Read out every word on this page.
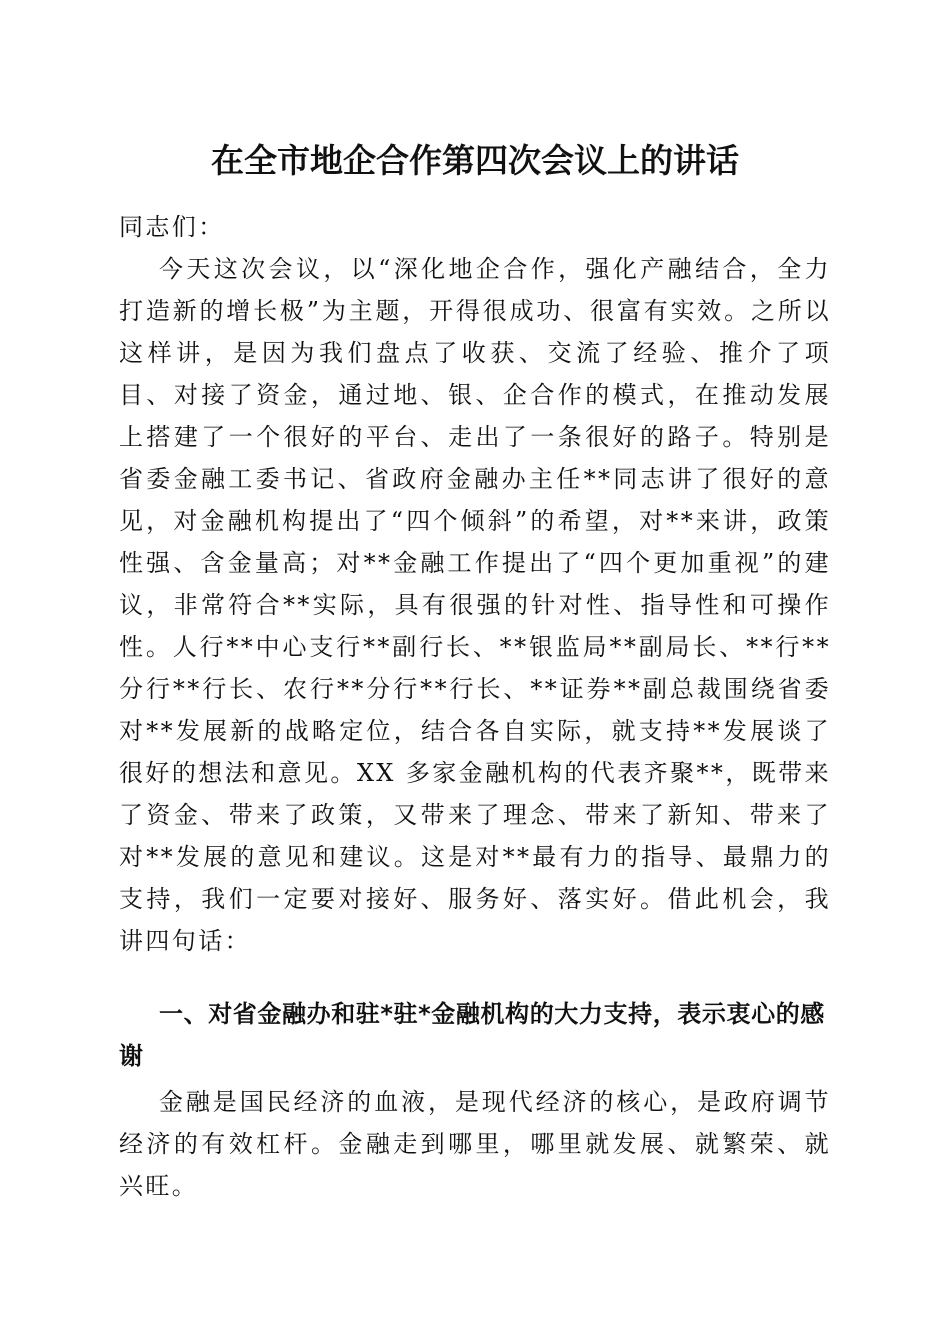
在全市地企合作第四次会议上的讲话

同志们：

今天这次会议，以“深化地企合作，强化产融结合，全力打造新的增长极”为主题，开得很成功、很富有实效。之所以这样讲，是因为我们盘点了收获、交流了经验、推介了项目、对接了资金，通过地、银、企合作的模式，在推动发展上搭建了一个很好的平台、走出了一条很好的路子。特别是省委金融工委书记、省政府金融办主任**同志讲了很好的意见，对金融机构提出了“四个倾斜”的希望，对**来讲，政策性强、含金量高；对**金融工作提出了“四个更加重视”的建议，非常符合**实际，具有很强的针对性、指导性和可操作性。人行**中心支行**副行长、**银监局**副局长、**行**分行**行长、农行**分行**行长、**证券**副总裁围绕省委对**发展新的战略定位，结合各自实际，就支持**发展谈了很好的想法和意见。XX 多家金融机构的代表齐聚**，既带来了资金、带来了政策，又带来了理念、带来了新知、带来了对**发展的意见和建议。这是对**最有力的指导、最鼎力的支持，我们一定要对接好、服务好、落实好。借此机会，我讲四句话：

一、对省金融办和驻*驻*金融机构的大力支持，表示衷心的感谢

金融是国民经济的血液，是现代经济的核心，是政府调节经济的有效杠杆。金融走到哪里，哪里就发展、就繁荣、就兴旺。
